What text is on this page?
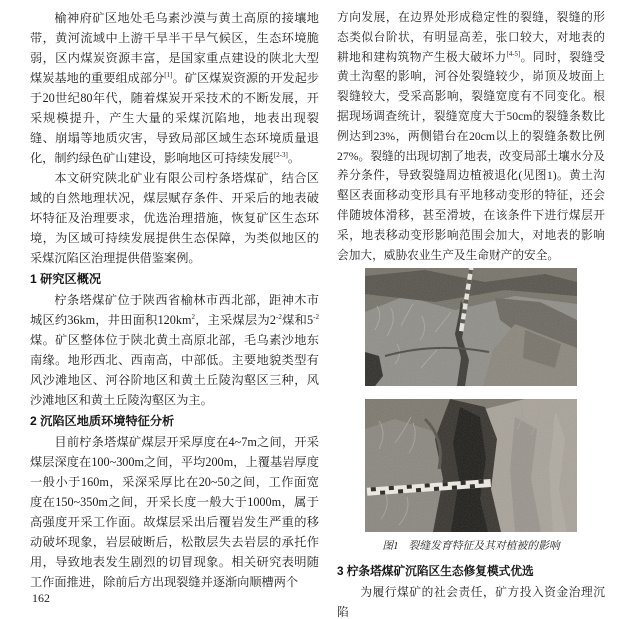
榆神府矿区地处毛乌素沙漠与黄土高原的接壤地带，黄河流域中上游干旱半干旱气候区，生态环境脆弱，区内煤炭资源丰富，是国家重点建设的陕北大型煤炭基地的重要组成部分[1]。矿区煤炭资源的开发起步于20世纪80年代，随着煤炭开采技术的不断发展，开采规模提升，产生大量的采煤沉陷地，地表出现裂缝、崩塌等地质灾害，导致局部区域生态环境质量退化，制约绿色矿山建设，影响地区可持续发展[2-3]。

本文研究陕北矿业有限公司柠条塔煤矿，结合区域的自然地理状况，煤层赋存条件、开采后的地表破坏特征及治理要求，优选治理措施，恢复矿区生态环境，为区域可持续发展提供生态保障，为类似地区的采煤沉陷区治理提供借鉴案例。

1 研究区概况

柠条塔煤矿位于陕西省榆林市西北部，距神木市城区约36km，井田面积$120km^2$，主采煤层为$2^{-2}$煤和$5^{-2}$煤。矿区整体位于陕北黄土高原北部，毛乌素沙地东南缘。地形西北、西南高，中部低。主要地貌类型有风沙滩地区、河谷阶地区和黄土丘陵沟壑区三种，风沙滩地区和黄土丘陵沟壑区为主。

2 沉陷区地质环境特征分析

目前柠条塔煤矿煤层开采厚度在4~7m之间，开采煤层深度在100~300m之间，平均200m，上覆基岩厚度一般小于160m，采深采厚比在20~50之间，工作面宽度在150~350m之间，开采长度一般大于1000m，属于高强度开采工作面。故煤层采出后覆岩发生严重的移动破坏现象，岩层破断后，松散层失去岩层的承托作用，导致地表发生剧烈的切冒现象。相关研究表明随工作面推进，除前后方出现裂缝并逐渐向顺槽两个

方向发展，在边界处形成稳定性的裂缝，裂缝的形态类似台阶状，有明显高差，张口较大，对地表的耕地和建构筑物产生极大破坏力[4-5]。同时，裂缝受黄土沟壑的影响，河谷处裂缝较少，峁顶及坡面上裂缝较大，受采高影响，裂缝宽度有不同变化。根据现场调查统计，裂缝宽度大于50cm的裂缝条数比例达到23%，两侧错台在20cm以上的裂缝条数比例27%。裂缝的出现切割了地表，改变局部土壤水分及养分条件，导致裂缝周边植被退化(见图1)。黄土沟壑区表面移动变形具有平地移动变形的特征，还会伴随坡体滑移，甚至滑坡，在该条件下进行煤层开采，地表移动变形影响范围会加大，对地表的影响会加大，威胁农业生产及生命财产的安全。

图1 裂缝发育特征及其对植被的影响

3 柠条塔煤矿沉陷区生态修复模式优选

为履行煤矿的社会责任，矿方投入资金治理沉陷

162
